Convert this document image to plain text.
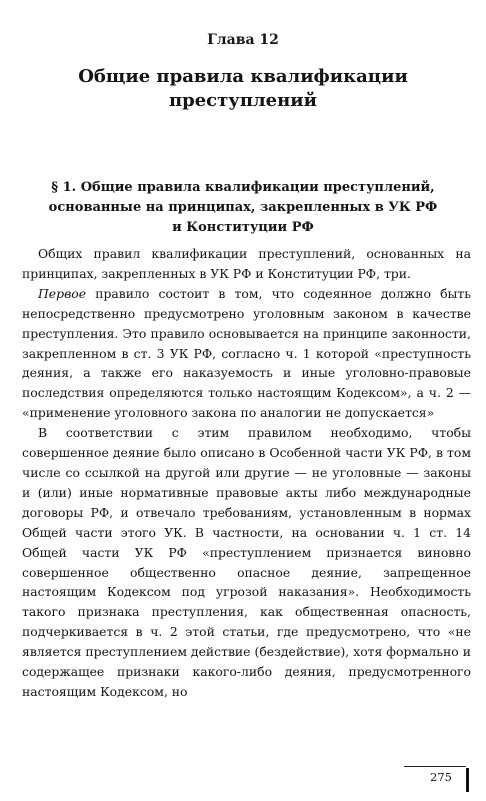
Глава 12
Общие правила квалификации
преступлений
§ 1. Общие правила квалификации преступлений,
основанные на принципах, закрепленных в УК РФ
и Конституции РФ

Общих правил квалификации преступлений, основанных на принципах, закрепленных в УК РФ и Конституции РФ, три.

Первое правило состоит в том, что содеянное должно быть непосредственно предусмотрено уголовным законом в качестве преступления. Это правило основывается на принципе законности, закрепленном в ст. 3 УК РФ, согласно ч. 1 которой «преступность деяния, а также его наказуемость и иные уголовно-правовые последствия определяются только настоящим Кодексом», а ч. 2 — «применение уголовного закона по аналогии не допускается»

В соответствии с этим правилом необходимо, чтобы совершенное деяние было описано в Особенной части УК РФ, в том числе со ссылкой на другой или другие — не уголовные — законы и (или) иные нормативные правовые акты либо международные договоры РФ, и отвечало требованиям, установленным в нормах Общей части этого УК. В частности, на основании ч. 1 ст. 14 Общей части УК РФ «преступлением признается виновно совершенное общественно опасное деяние, запрещенное настоящим Кодексом под угрозой наказания». Необходимость такого признака преступления, как общественная опасность, подчеркивается в ч. 2 этой статьи, где предусмотрено, что «не является преступлением действие (бездействие), хотя формально и содержащее признаки какого-либо деяния, предусмотренного настоящим Кодексом, но

275
